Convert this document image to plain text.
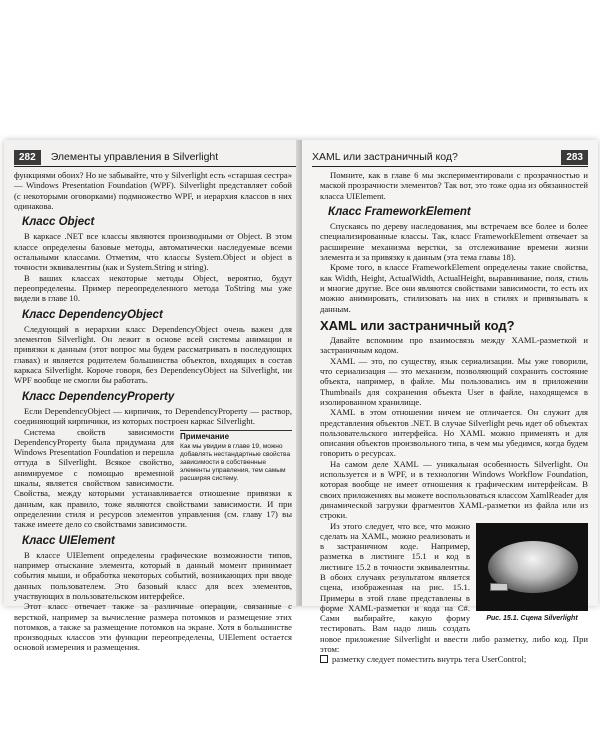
282	Элементы управления в Silverlight

функциями обоих? Но не забывайте, что у Silverlight есть «старшая сестра» — Windows Presentation Foundation (WPF). Silverlight представляет собой (с некоторыми оговорками) подмножество WPF, и иерархия классов в них одинакова.

Класс Object

В каркасе .NET все классы являются производными от Object. В этом классе определены базовые методы, автоматически наследуемые всеми остальными классами. Отметим, что классы System.Object и object в точности эквивалентны (как и System.String и string).

В ваших классах некоторые методы Object, вероятно, будут переопределены. Пример переопределенного метода ToString мы уже видели в главе 10.

Класс DependencyObject

Следующий в иерархии класс DependencyObject очень важен для элементов Silverlight. Он лежит в основе всей системы анимации и привязки к данным (этот вопрос мы будем рассматривать в последующих главах) и является родителем большинства объектов, входящих в состав каркаса Silverlight. Короче говоря, без DependencyObject на Silverlight, ни WPF вообще не смогли бы работать.

Класс DependencyProperty

Если DependencyObject — кирпичик, то DependencyProperty — раствор, соединяющий кирпичики, из которых построен каркас Silverlight.

Примечание
Как мы увидим в главе 19, можно добавлять нестандартные свойства зависимости в собственные элементы управления, тем самым расширяя систему.

Система свойств зависимости DependencyProperty была придумана для Windows Presentation Foundation и перешла оттуда в Silverlight. Всякое свойство, анимируемое с помощью временной шкалы, является свойством зависимости. Свойства, между которыми устанавливается отношение привязки к данным, как правило, тоже являются свойствами зависимости. И при определении стиля и ресурсов элементов управления (см. главу 17) вы также имеете дело со свойствами зависимости.

Класс UIElement

В классе UIElement определены графические возможности типов, например отыскание элемента, который в данный момент принимает события мыши, и обработка некоторых событий, возникающих при вводе данных пользователем. Это базовый класс для всех элементов, участвующих в пользовательском интерфейсе.

Этот класс отвечает также за различные операции, связанные с версткой, например за вычисление размера потомков и размещение этих потомков, а также за размещение потомков на экране. Хотя в большинстве производных классов эти функции переопределены, UIElement остается основой измерения и размещения.

XAML или застраничный код?	283

Помните, как в главе 6 мы экспериментировали с прозрачностью и маской прозрачности элементов? Так вот, это тоже одна из обязанностей класса UIElement.

Класс FrameworkElement

Спускаясь по дереву наследования, мы встречаем все более и более специализированные классы. Так, класс FrameworkElement отвечает за расширение механизма верстки, за отслеживание времени жизни элемента и за привязку к данным (эта тема главы 18).

Кроме того, в классе FrameworkElement определены такие свойства, как Width, Height, ActualWidth, ActualHeight, выравнивание, поля, стиль и многие другие. Все они являются свойствами зависимости, то есть их можно анимировать, стилизовать на них в стилях и привязывать к данным.

XAML или застраничный код?

Давайте вспомним про взаимосвязь между XAML-разметкой и застраничным кодом.

XAML — это, по существу, язык сериализации. Мы уже говорили, что сериализация — это механизм, позволяющий сохранить состояние объекта, например, в файле. Мы пользовались им в приложении Thumbnails для сохранения объекта User в файле, находящемся в изолированном хранилище.

XAML в этом отношении ничем не отличается. Он служит для представления объектов .NET. В случае Silverlight речь идет об объектах пользовательского интерфейса. Но XAML можно применять и для описания объектов произвольного типа, в чем мы убедимся, когда будем говорить о ресурсах.

На самом деле XAML — уникальная особенность Silverlight. Он используется и в WPF, и в технологии Windows Workflow Foundation, которая вообще не имеет отношения к графическим интерфейсам. В своих приложениях вы можете воспользоваться классом XamlReader для динамической загрузки фрагментов XAML-разметки из файла или из строки.

Рис. 15.1. Сцена Silverlight

Из этого следует, что все, что можно сделать на XAML, можно реализовать и в застраничном коде. Например, разметка в листинге 15.1 и код в листинге 15.2 в точности эквивалентны. В обоих случаях результатом является сцена, изображенная на рис. 15.1. Примеры в этой главе представлены в форме XAML-разметки и кода на C#. Сами выбирайте, какую форму тестировать. Вам надо лишь создать новое приложение Silverlight и ввести либо разметку, либо код. При этом:

разметку следует поместить внутрь тега UserControl;
